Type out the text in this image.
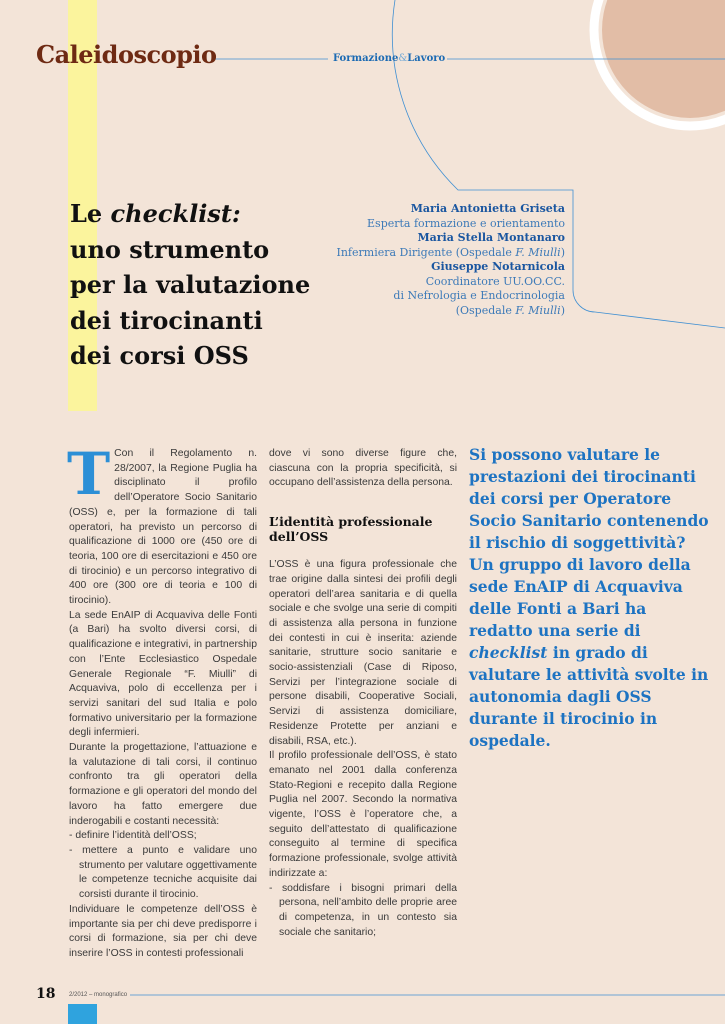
Caleidoscopio	Formazione&Lavoro
Le checklist:
uno strumento
per la valutazione
dei tirocinanti
dei corsi OSS
Maria Antonietta Griseta
Esperta formazione e orientamento
Maria Stella Montanaro
Infermiera Dirigente (Ospedale F. Miulli)
Giuseppe Notarnicola
Coordinatore UU.OO.CC.
di Nefrologia e Endocrinologia
(Ospedale F. Miulli)
T Con il Regolamento n. 28/2007, la Regione Puglia ha disciplinato il profilo dell’Operatore Socio Sanitario (OSS) e, per la formazione di tali operatori, ha previsto un percorso di qualificazione di 1000 ore (450 ore di teoria, 100 ore di esercitazioni e 450 ore di tirocinio) e un percorso integrativo di 400 ore (300 ore di teoria e 100 di tirocinio).

La sede EnAIP di Acquaviva delle Fonti (a Bari) ha svolto diversi corsi, di qualificazione e integrativi, in partnership con l’Ente Ecclesiastico Ospedale Generale Regionale “F. Miulli” di Acquaviva, polo di eccellenza per i servizi sanitari del sud Italia e polo formativo universitario per la formazione degli infermieri.

Durante la progettazione, l’attuazione e la valutazione di tali corsi, il continuo confronto tra gli operatori della formazione e gli operatori del mondo del lavoro ha fatto emergere due inderogabili e costanti necessità:

- definire l’identità dell’OSS;
- mettere a punto e validare uno strumento per valutare oggettivamente le competenze tecniche acquisite dai corsisti durante il tirocinio.

Individuare le competenze dell’OSS è importante sia per chi deve predisporre i corsi di formazione, sia per chi deve inserire l’OSS in contesti professionali

dove vi sono diverse figure che, ciascuna con la propria specificità, si occupano dell’assistenza della persona.

L’identità professionale dell’OSS

L’OSS è una figura professionale che trae origine dalla sintesi dei profili degli operatori dell’area sanitaria e di quella sociale e che svolge una serie di compiti di assistenza alla persona in funzione dei contesti in cui è inserita: aziende sanitarie, strutture socio sanitarie e socio-assistenziali (Case di Riposo, Servizi per l’integrazione sociale di persone disabili, Cooperative Sociali, Servizi di assistenza domiciliare, Residenze Protette per anziani e disabili, RSA, etc.).

Il profilo professionale dell’OSS, è stato emanato nel 2001 dalla conferenza Stato-Regioni e recepito dalla Regione Puglia nel 2007. Secondo la normativa vigente, l’OSS è l’operatore che, a seguito dell’attestato di qualificazione conseguito al termine di specifica formazione professionale, svolge attività indirizzate a:

- soddisfare i bisogni primari della persona, nell’ambito delle proprie aree di competenza, in un contesto sia sociale che sanitario;

Si possono valutare le prestazioni dei tirocinanti dei corsi per Operatore Socio Sanitario contenendo il rischio di soggettività? Un gruppo di lavoro della sede EnAIP di Acquaviva delle Fonti a Bari ha redatto una serie di checklist in grado di valutare le attività svolte in autonomia dagli OSS durante il tirocinio in ospedale.

18 2/2012 – monografico
